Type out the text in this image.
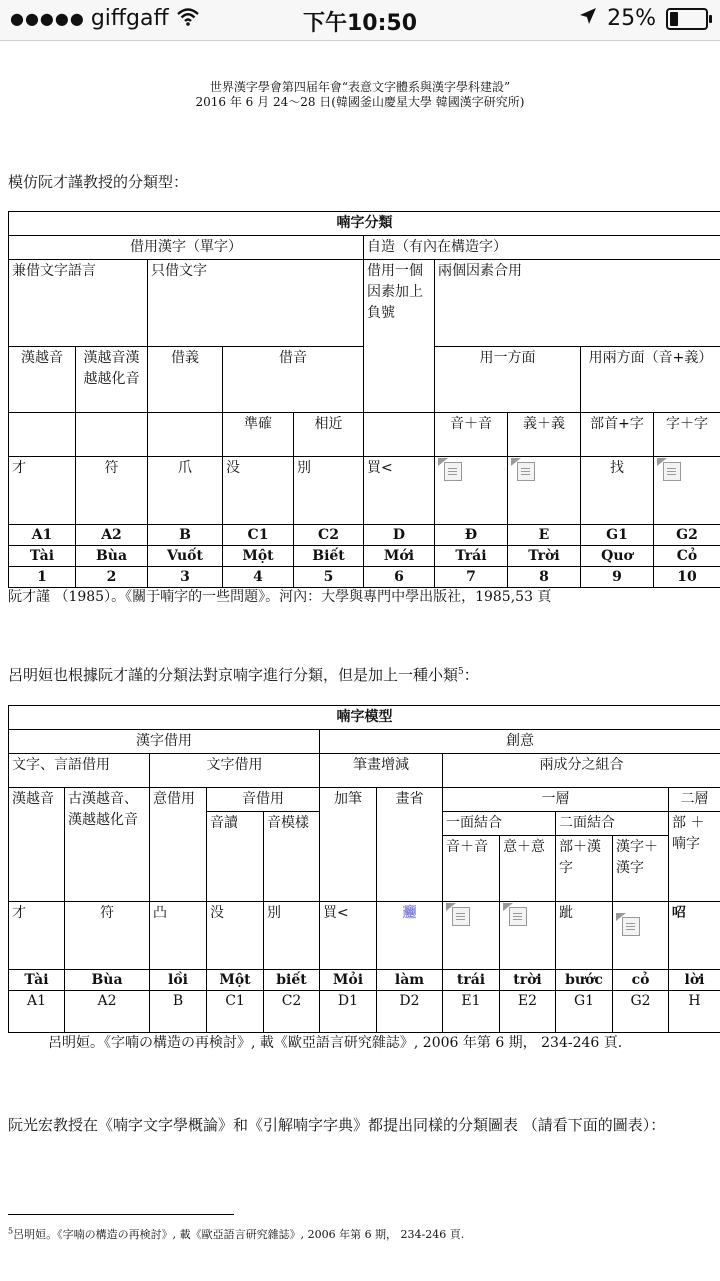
●●●●● giffgaff	下午10:50	25%
世界漢字學會第四届年會“表意文字體系與漢字學科建設”
2016 年 6 月 24～28 日(韓國釜山慶星大學 韓國漢字研究所)
模仿阮才謹教授的分類型：
喃字分類									
借用漢字（單字）					自造（有內在構造字）				
兼借文字語言		只借文字			借用一個因素加上負號	兩個因素合用			
漢越音	漢越音漢越越化音	借義	借音			用一方面		用兩方面（音+義）	
			準確	相近		音＋音	義＋義	部首+字	字＋字
才	符	爪	没	別	買<			找	

A1	A2	B	C1	C2	D	Đ	E	G1	G2
Tài	Bùa	Vuốt	Một	Biết	Mới	Trái	Trời	Quơ	Cỏ
1	2	3	4	5	6	7	8	9	10
阮才謹 （1985）。《關于喃字的一些問題》。河內：大學與專門中學出版社，1985,53 頁
呂明姮也根據阮才謹的分類法對京喃字進行分類，但是加上一種小類$^5$：
喃字模型											
漢字借用					創意						
文字、言語借用		文字借用			筆畫增減		兩成分之組合				
漢越音	古漢越音、漢越越化音	意借用	音借用		加筆	畫省	一層				二層
			音讀	音模樣			一面結合		二面結合		部 ＋喃字
							音＋音	意＋意	部＋漢字	漢字＋漢字	
才	符	凸	没	別	買<	𰻞			跐		𠰉
Tài	Bùa	lồi	Một	biết	Mỏi	làm	trái	trời	bước	cỏ	lời
A1	A2	B	C1	C2	D1	D2	E1	E2	G1	G2	H
呂明姮。《字喃の構造の再検討》, 載《歐亞語言研究雜誌》, 2006 年第 6 期， 234-246 頁.
阮光宏教授在《喃字文字學概論》和《引解喃字字典》都提出同樣的分類圖表 （請看下面的圖表）：
$^5$呂明姮。《字喃の構造の再検討》, 載《歐亞語言研究雜誌》, 2006 年第 6 期， 234-246 頁.
